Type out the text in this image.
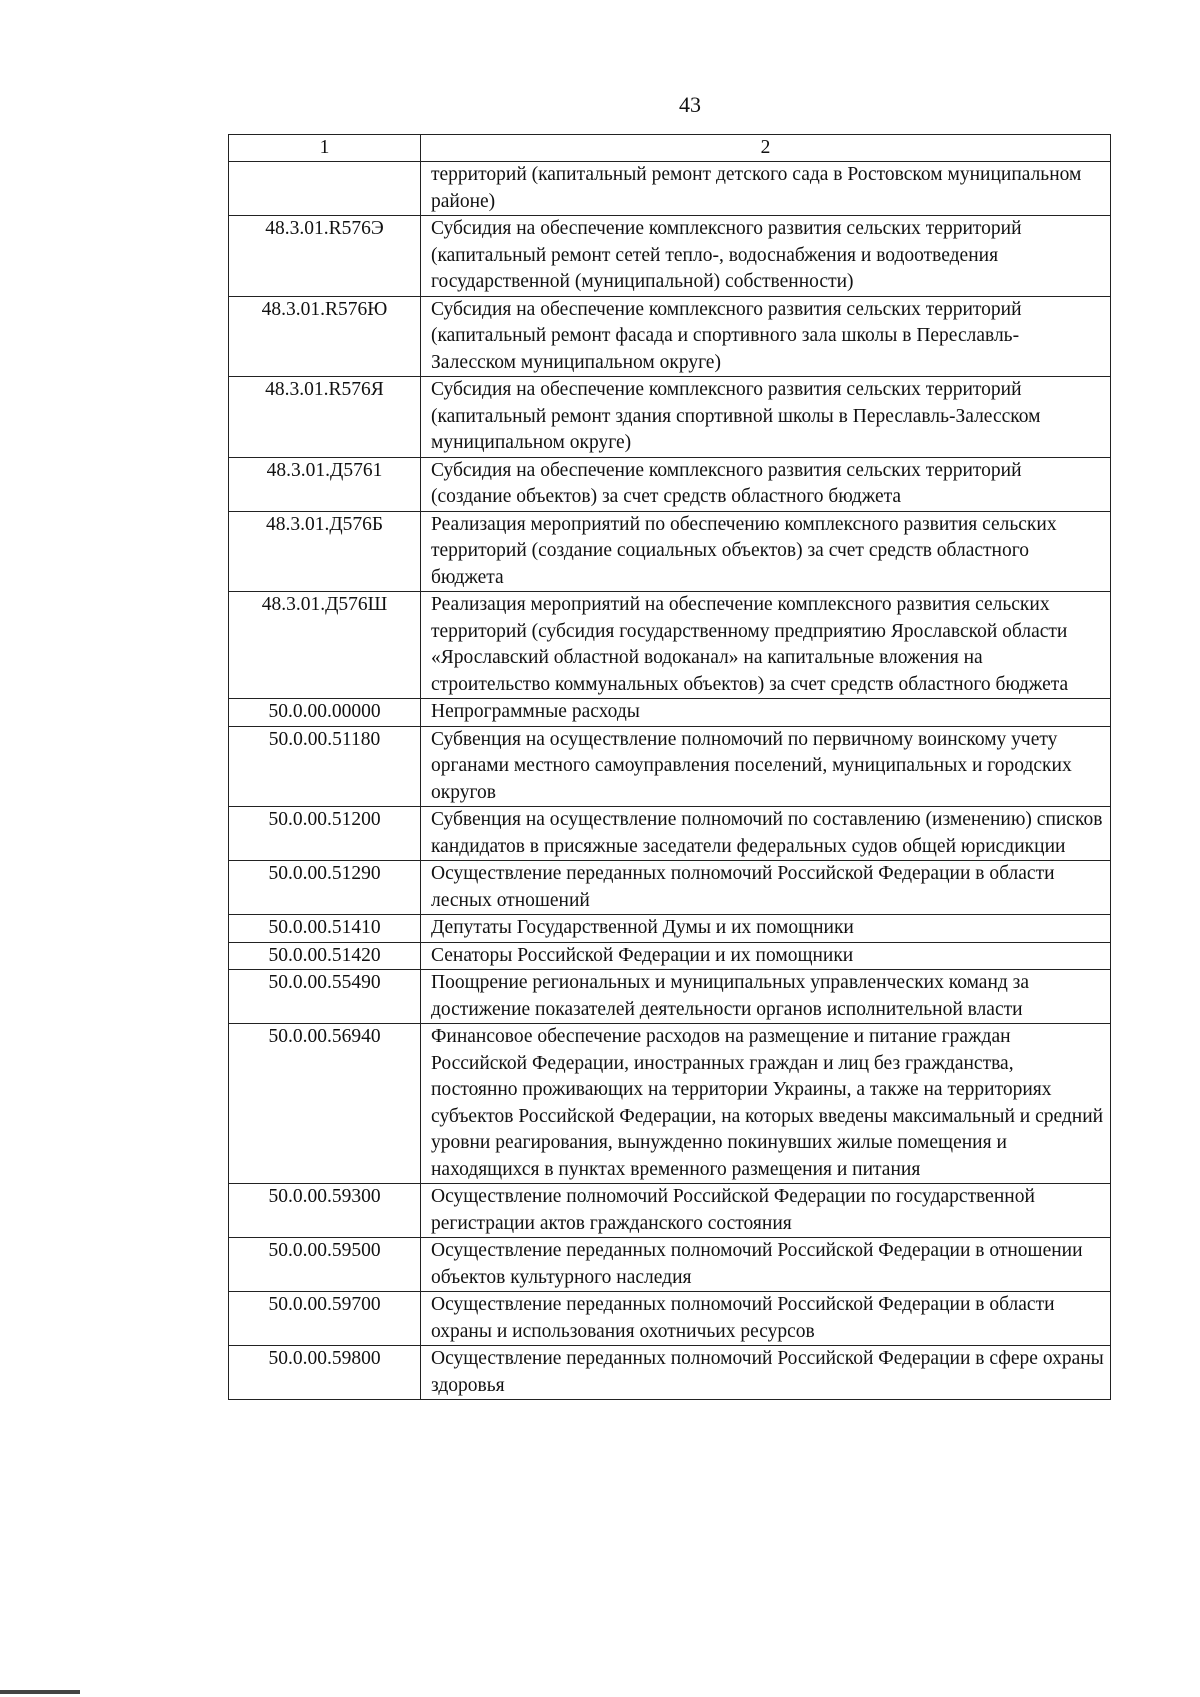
43
1	2
	территорий (капитальный ремонт детского сада в Ростовском муниципальном районе)
48.3.01.R576Э	Субсидия на обеспечение комплексного развития сельских территорий (капитальный ремонт сетей тепло-, водоснабжения и водоотведения государственной (муниципальной) собственности)
48.3.01.R576Ю	Субсидия на обеспечение комплексного развития сельских территорий (капитальный ремонт фасада и спортивного зала школы в Переславль-Залесском муниципальном округе)
48.3.01.R576Я	Субсидия на обеспечение комплексного развития сельских территорий (капитальный ремонт здания спортивной школы в Переславль-Залесском муниципальном округе)
48.3.01.Д5761	Субсидия на обеспечение комплексного развития сельских территорий (создание объектов) за счет средств областного бюджета
48.3.01.Д576Б	Реализация мероприятий по обеспечению комплексного развития сельских территорий (создание социальных объектов) за счет средств областного бюджета
48.3.01.Д576Ш	Реализация мероприятий на обеспечение комплексного развития сельских территорий (субсидия государственному предприятию Ярославской области «Ярославский областной водоканал» на капитальные вложения на строительство коммунальных объектов) за счет средств областного бюджета
50.0.00.00000	Непрограммные расходы
50.0.00.51180	Субвенция на осуществление полномочий по первичному воинскому учету органами местного самоуправления поселений, муниципальных и городских округов
50.0.00.51200	Субвенция на осуществление полномочий по составлению (изменению) списков кандидатов в присяжные заседатели федеральных судов общей юрисдикции
50.0.00.51290	Осуществление переданных полномочий Российской Федерации в области лесных отношений
50.0.00.51410	Депутаты Государственной Думы и их помощники
50.0.00.51420	Сенаторы Российской Федерации и их помощники
50.0.00.55490	Поощрение региональных и муниципальных управленческих команд за достижение показателей деятельности органов исполнительной власти
50.0.00.56940	Финансовое обеспечение расходов на размещение и питание граждан Российской Федерации, иностранных граждан и лиц без гражданства, постоянно проживающих на территории Украины, а также на территориях субъектов Российской Федерации, на которых введены максимальный и средний уровни реагирования, вынужденно покинувших жилые помещения и находящихся в пунктах временного размещения и питания
50.0.00.59300	Осуществление полномочий Российской Федерации по государственной регистрации актов гражданского состояния
50.0.00.59500	Осуществление переданных полномочий Российской Федерации в отношении объектов культурного наследия
50.0.00.59700	Осуществление переданных полномочий Российской Федерации в области охраны и использования охотничьих ресурсов
50.0.00.59800	Осуществление переданных полномочий Российской Федерации в сфере охраны здоровья
